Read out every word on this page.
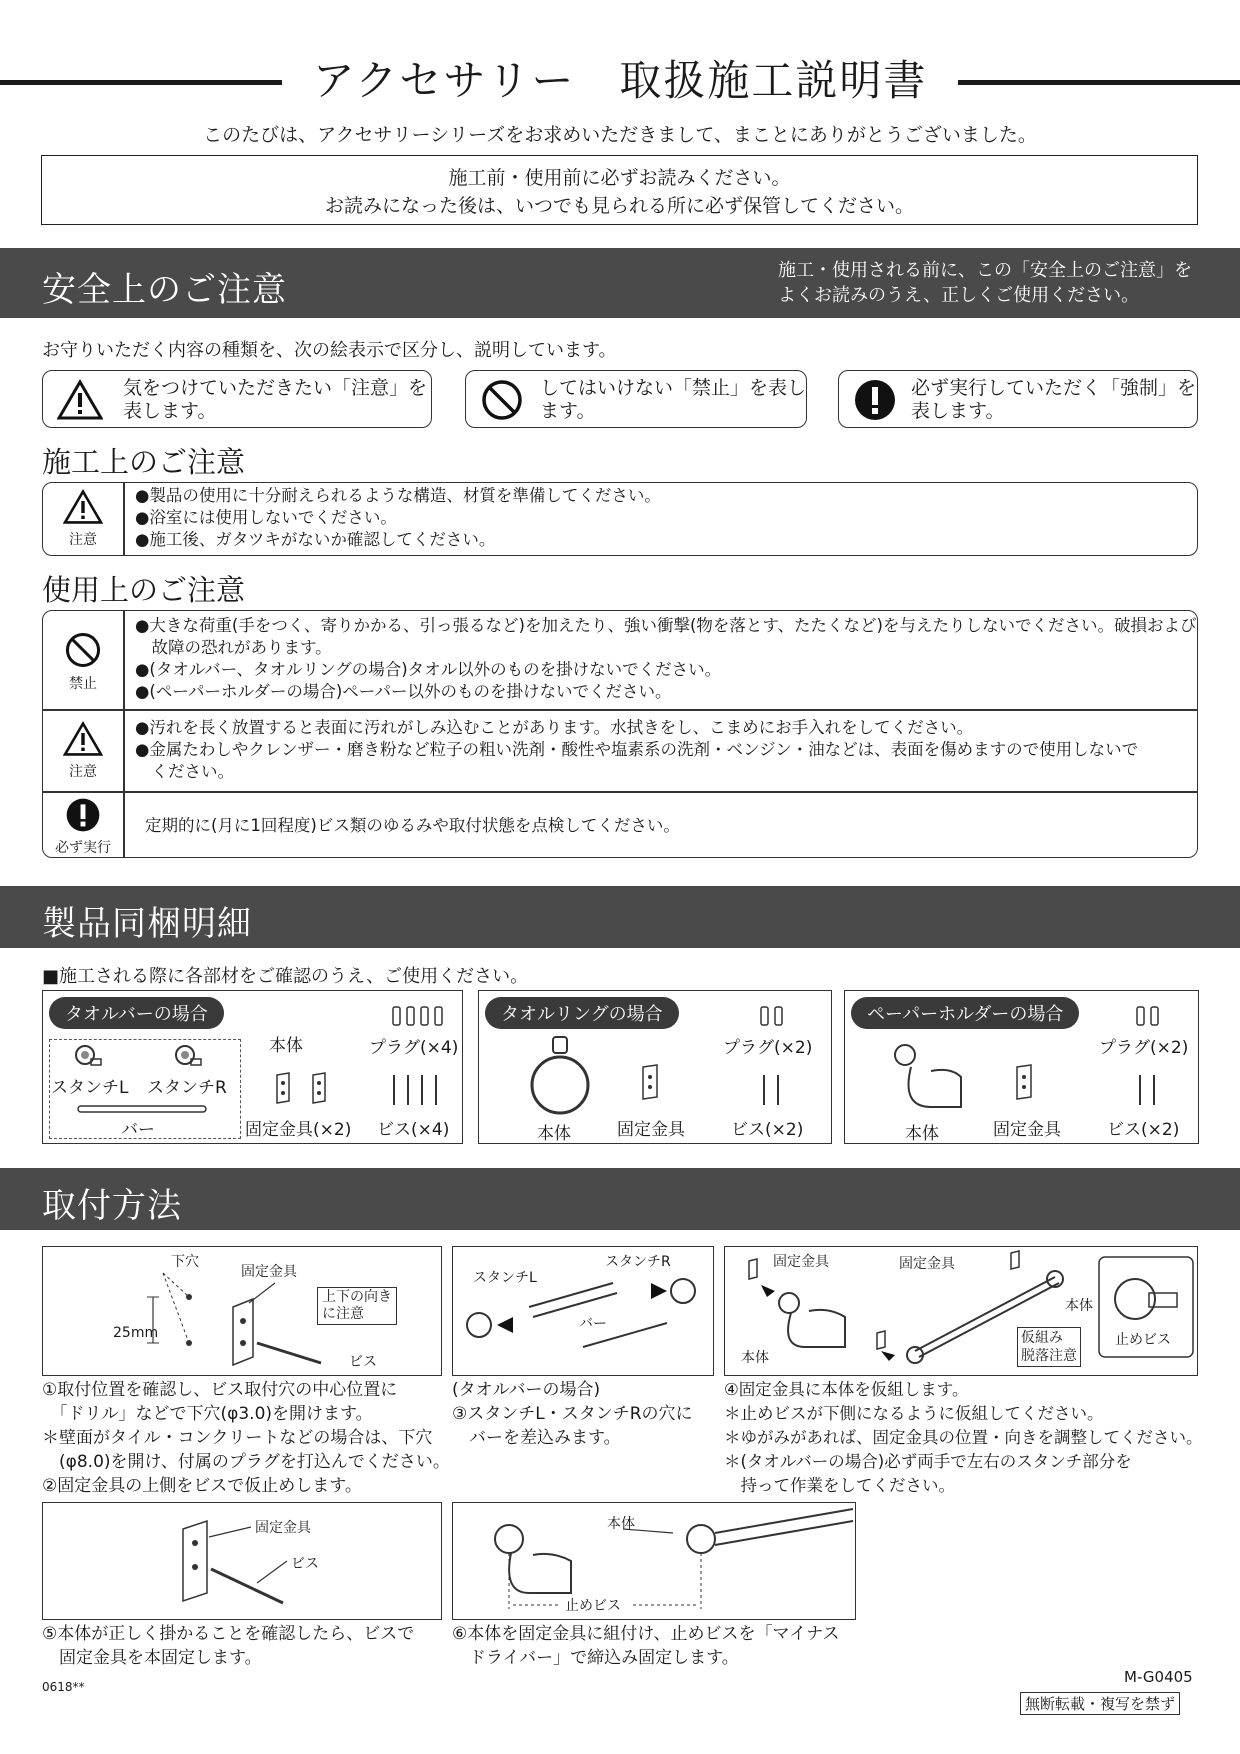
アクセサリー　取扱施工説明書
このたびは、アクセサリーシリーズをお求めいただきまして、まことにありがとうございました。
施工前・使用前に必ずお読みください。
お読みになった後は、いつでも見られる所に必ず保管してください。
安全上のご注意	施工・使用される前に、この「安全上のご注意」を
よくお読みのうえ、正しくご使用ください。
お守りいただく内容の種類を、次の絵表示で区分し、説明しています。
気をつけていただきたい「注意」を
表します。
してはいけない「禁止」を表し
ます。
必ず実行していただく「強制」を
表します。
施工上のご注意
注意
●製品の使用に十分耐えられるような構造、材質を準備してください。
●浴室には使用しないでください。
●施工後、ガタツキがないか確認してください。
使用上のご注意
禁止
●大きな荷重(手をつく、寄りかかる、引っ張るなど)を加えたり、強い衝撃(物を落とす、たたくなど)を与えたりしないでください。破損および
　故障の恐れがあります。
●(タオルバー、タオルリングの場合)タオル以外のものを掛けないでください。
●(ペーパーホルダーの場合)ペーパー以外のものを掛けないでください。
注意
●汚れを長く放置すると表面に汚れがしみ込むことがあります。水拭きをし、こまめにお手入れをしてください。
●金属たわしやクレンザー・磨き粉など粒子の粗い洗剤・酸性や塩素系の洗剤・ベンジン・油などは、表面を傷めますので使用しないで
　ください。
必ず実行
定期的に(月に1回程度)ビス類のゆるみや取付状態を点検してください。
製品同梱明細
■施工される際に各部材をご確認のうえ、ご使用ください。
タオルバーの場合
スタンチL スタンチR
バー
本体	プラグ(×4)
固定金具(×2) ビス(×4)
タオルリングの場合
本体	固定金具
プラグ(×2)
ビス(×2)
ペーパーホルダーの場合
本体	固定金具
プラグ(×2)
ビス(×2)
取付方法
下穴
固定金具
25mm
上下の向き
に注意
ビス
スタンチL
スタンチR
バー
固定金具	固定金具
本体
本体
仮組み
脱落注意
止めビス
①取付位置を確認し、ビス取付穴の中心位置に
　「ドリル」などで下穴(φ3.0)を開けます。
＊壁面がタイル・コンクリートなどの場合は、下穴
　(φ8.0)を開け、付属のプラグを打込んでください。
②固定金具の上側をビスで仮止めします。
(タオルバーの場合)
③スタンチL・スタンチRの穴に
　バーを差込みます。
④固定金具に本体を仮組します。
＊止めビスが下側になるように仮組してください。
＊ゆがみがあれば、固定金具の位置・向きを調整してください。
＊(タオルバーの場合)必ず両手で左右のスタンチ部分を
　持って作業をしてください。
固定金具
ビス
本体
止めビス
⑤本体が正しく掛かることを確認したら、ビスで
　固定金具を本固定します。
⑥本体を固定金具に組付け、止めビスを「マイナス
　ドライバー」で締込み固定します。
0618**
M-G0405
無断転載・複写を禁ず
